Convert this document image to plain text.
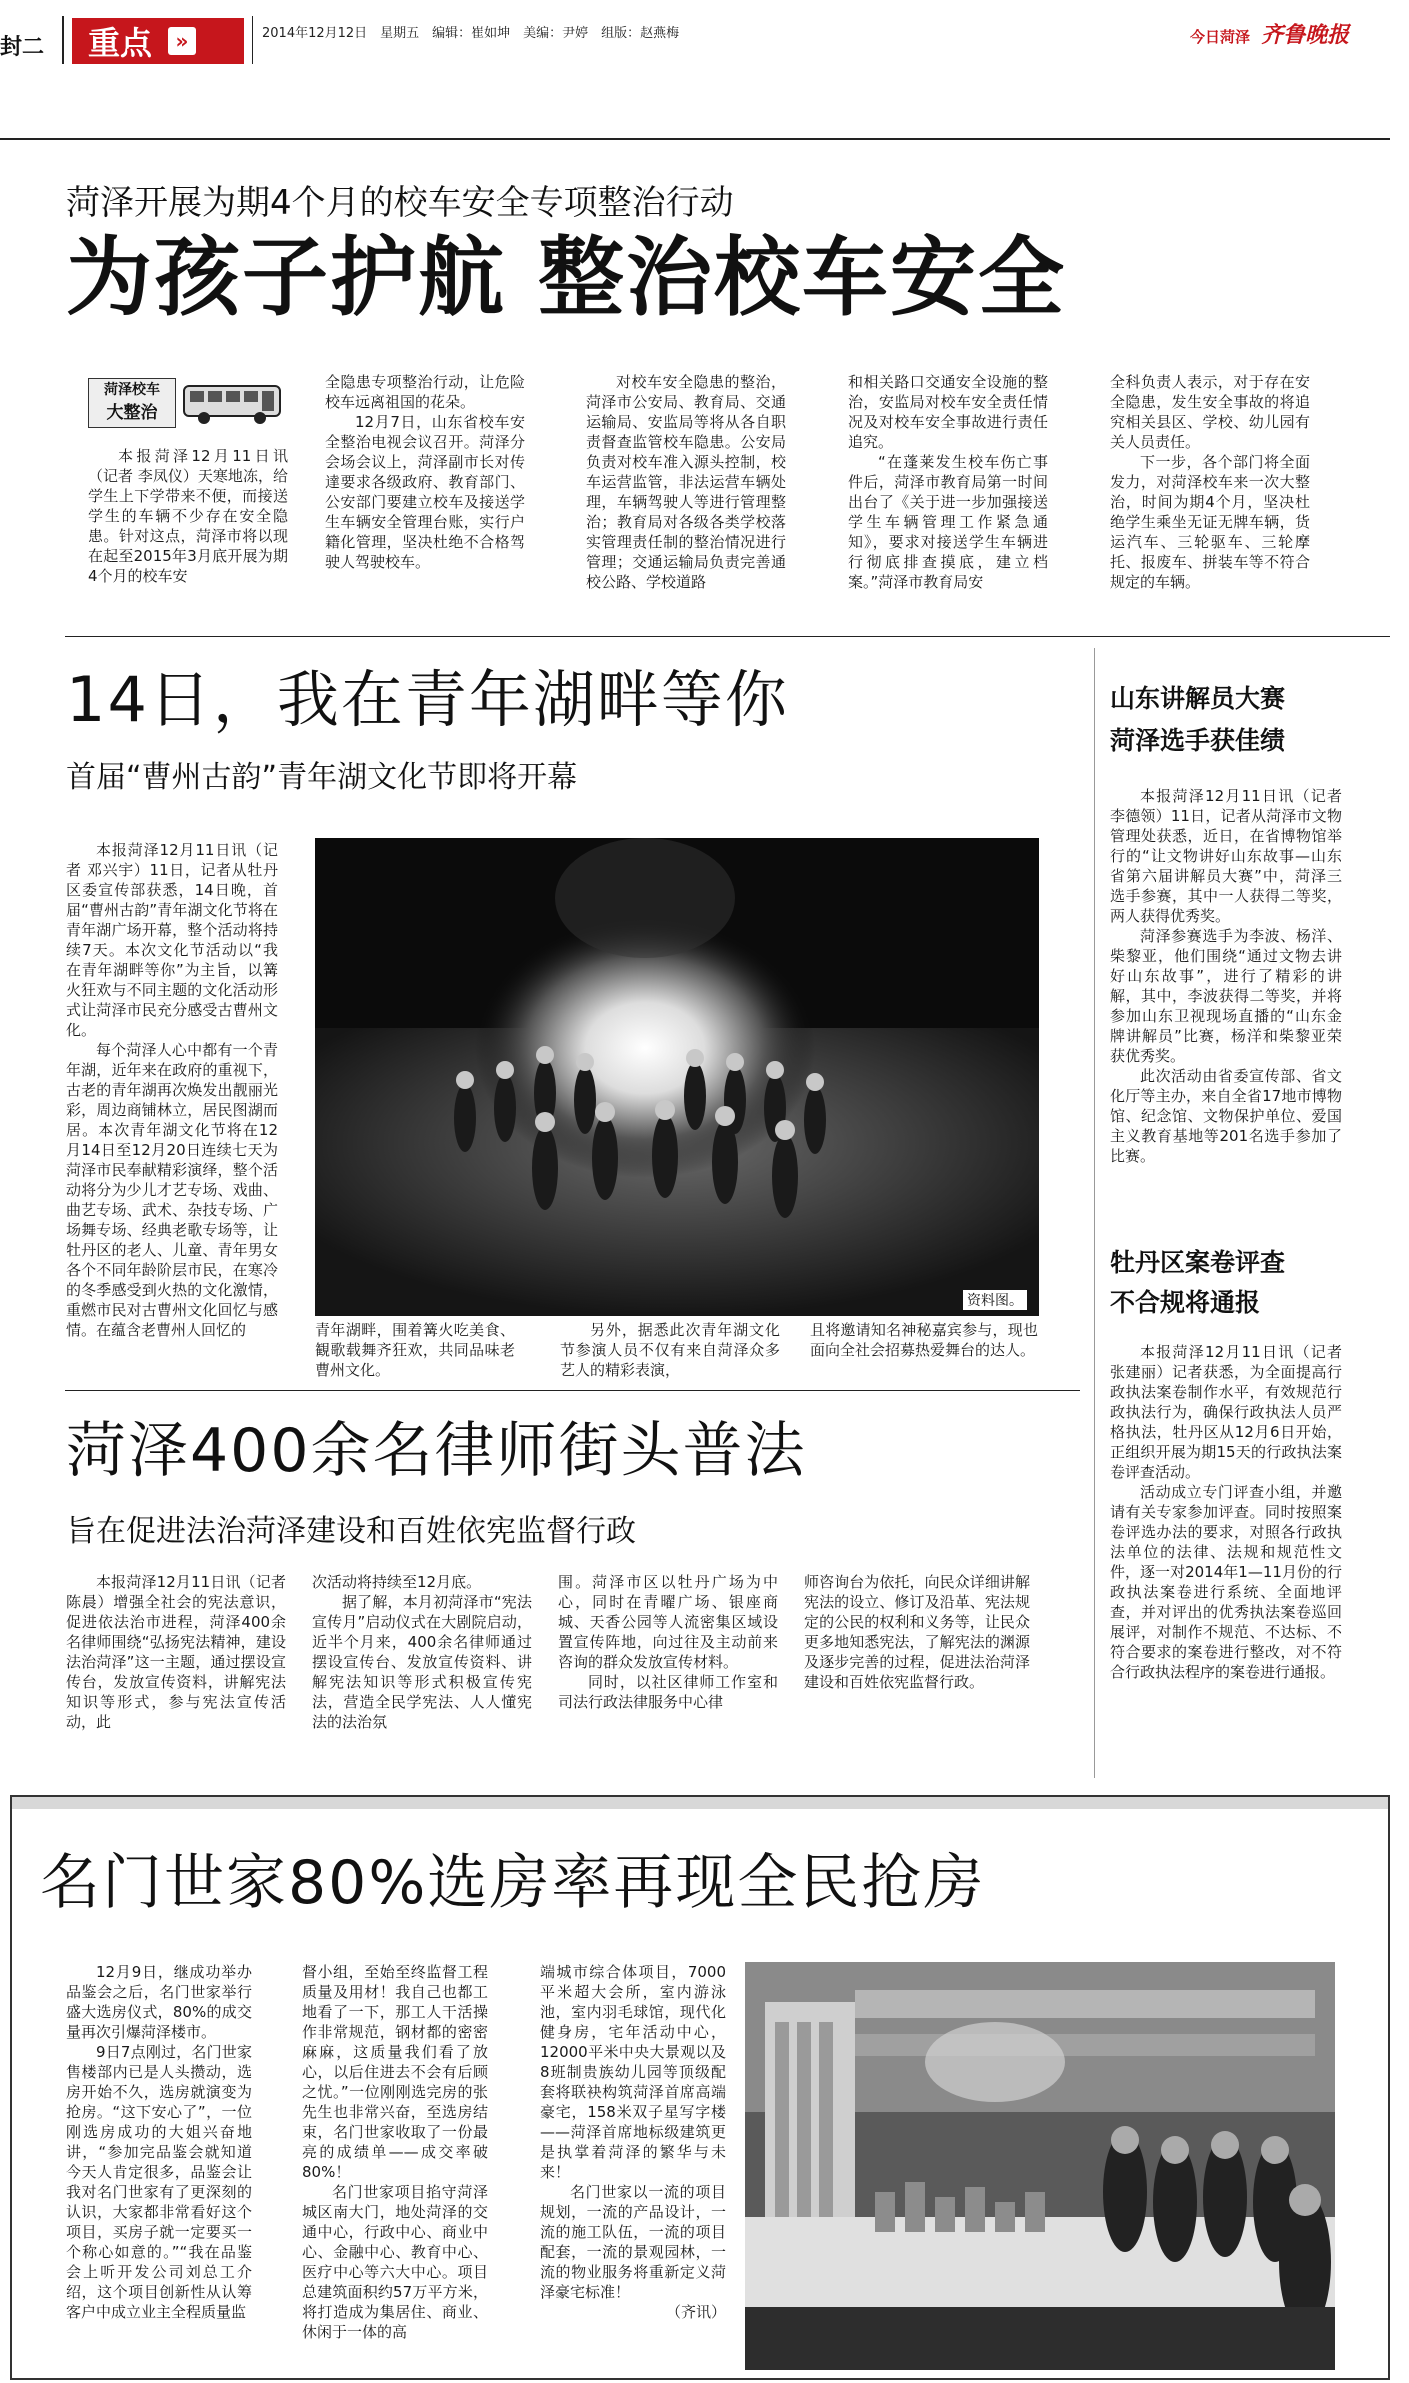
封二 重点	»	2014年12月12日　星期五　编辑：崔如坤　美编：尹婷　组版：赵燕梅	今日菏泽 齐鲁晚报
菏泽开展为期4个月的校车安全专项整治行动
为孩子护航 整治校车安全
菏泽校车
大整治

本报菏泽12月11日讯（记者 李凤仪）天寒地冻，给学生上下学带来不便，而接送学生的车辆不少存在安全隐患。针对这点，菏泽市将以现在起至2015年3月底开展为期4个月的校车安

全隐患专项整治行动，让危险校车远离祖国的花朵。

12月7日，山东省校车安全整治电视会议召开。菏泽分会场会议上，菏泽副市长对传達要求各级政府、教育部门、公安部门要建立校车及接送学生车辆安全管理台账，实行户籍化管理，坚决杜绝不合格驾驶人驾驶校车。

对校车安全隐患的整治，菏泽市公安局、教育局、交通运输局、安监局等将从各自职责督查监管校车隐患。公安局负责对校车准入源头控制，校车运营监管，非法运营车辆处理，车辆驾驶人等进行管理整治；教育局对各级各类学校落实管理责任制的整治情况进行管理；交通运输局负责完善通校公路、学校道路

和相关路口交通安全设施的整治，安监局对校车安全责任情况及对校车安全事故进行责任追究。

“在蓬莱发生校车伤亡事件后，菏泽市教育局第一时间出台了《关于进一步加强接送学生车辆管理工作紧急通知》，要求对接送学生车辆进行彻底排查摸底，建立档案。”菏泽市教育局安

全科负责人表示，对于存在安全隐患，发生安全事故的将追究相关县区、学校、幼儿园有关人员责任。

下一步，各个部门将全面发力，对菏泽校车来一次大整治，时间为期4个月，坚决杜绝学生乘坐无证无牌车辆，货运汽车、三轮驱车、三轮摩托、报废车、拼装车等不符合规定的车辆。

14日，我在青年湖畔等你
首届“曹州古韵”青年湖文化节即将开幕

本报菏泽12月11日讯（记者 邓兴宇）11日，记者从牡丹区委宣传部获悉，14日晚，首届“曹州古韵”青年湖文化节将在青年湖广场开幕，整个活动将持续7天。本次文化节活动以“我在青年湖畔等你”为主旨，以篝火狂欢与不同主题的文化活动形式让菏泽市民充分感受古曹州文化。

每个菏泽人心中都有一个青年湖，近年来在政府的重视下，古老的青年湖再次焕发出靓丽光彩，周边商铺林立，居民图湖而居。本次青年湖文化节将在12月14日至12月20日连续七天为菏泽市民奉献精彩演绎，整个活动将分为少儿才艺专场、戏曲、曲艺专场、武术、杂技专场、广场舞专场、经典老歌专场等，让牡丹区的老人、儿童、青年男女各个不同年龄阶层市民，在寒冷的冬季感受到火热的文化激情，重燃市民对古曹州文化回忆与感情。在蕴含老曹州人回忆的

资料图。

青年湖畔，围着篝火吃美食、観歌载舞齐狂欢，共同品味老曹州文化。

另外，据悉此次青年湖文化节参演人员不仅有来自菏泽众多艺人的精彩表演，

且将邀请知名神秘嘉宾参与，现也面向全社会招募热爱舞台的达人。

山东讲解员大赛
菏泽选手获佳绩

本报菏泽12月11日讯（记者 李德领）11日，记者从菏泽市文物管理处获悉，近日，在省博物馆举行的“让文物讲好山东故事—山东省第六届讲解员大赛”中，菏泽三选手参赛，其中一人获得二等奖，两人获得优秀奖。

菏泽参赛选手为李波、杨洋、柴黎亚，他们围绕“通过文物去讲好山东故事”，进行了精彩的讲解，其中，李波获得二等奖，并将参加山东卫视现场直播的“山东金牌讲解员”比赛，杨洋和柴黎亚荣获优秀奖。

此次活动由省委宣传部、省文化厅等主办，来自全省17地市博物馆、纪念馆、文物保护单位、爱国主义教育基地等201名选手参加了比赛。

牡丹区案卷评查
不合规将通报

本报菏泽12月11日讯（记者 张建丽）记者获悉，为全面提高行政执法案卷制作水平，有效规范行政执法行为，确保行政执法人员严格执法，牡丹区从12月6日开始，正组织开展为期15天的行政执法案卷评查活动。

活动成立专门评查小组，并邀请有关专家参加评查。同时按照案卷评选办法的要求，对照各行政执法单位的法律、法规和规范性文件，逐一对2014年1—11月份的行政执法案卷进行系统、全面地评查，并对评出的优秀执法案卷巡回展评，对制作不规范、不达标、不符合要求的案卷进行整改，对不符合行政执法程序的案卷进行通报。

菏泽400余名律师街头普法
旨在促进法治菏泽建设和百姓依宪监督行政

本报菏泽12月11日讯（记者 陈晨）增强全社会的宪法意识，促进依法治市进程，菏泽400余名律师围绕“弘扬宪法精神，建设法治菏泽”这一主题，通过摆设宣传台，发放宣传资料，讲解宪法知识等形式，参与宪法宣传活动，此

次活动将持续至12月底。

据了解，本月初菏泽市“宪法宣传月”启动仪式在大剧院启动，近半个月来，400余名律师通过摆设宣传台、发放宣传资料、讲解宪法知识等形式积极宣传宪法，营造全民学宪法、人人懂宪法的法治氛

围。菏泽市区以牡丹广场为中心，同时在青曜广场、银座商城、天香公园等人流密集区域设置宣传阵地，向过往及主动前来咨询的群众发放宣传材料。

同时，以社区律师工作室和司法行政法律服务中心律

师咨询台为依托，向民众详细讲解宪法的设立、修订及沿革、宪法规定的公民的权利和义务等，让民众更多地知悉宪法，了解宪法的渊源及逐步完善的过程，促进法治菏泽建设和百姓依宪监督行政。

名门世家80%选房率再现全民抢房

12月9日，继成功举办品鉴会之后，名门世家举行盛大选房仪式，80%的成交量再次引爆菏泽楼市。

9日7点刚过，名门世家售楼部内已是人头攒动，选房开始不久，选房就演变为抢房。“这下安心了”，一位刚选房成功的大姐兴奋地讲，“参加完品鉴会就知道今天人肯定很多，品鉴会让我对名门世家有了更深刻的认识，大家都非常看好这个项目，买房子就一定要买一个称心如意的。”“我在品鉴会上听开发公司刘总工介绍，这个项目创新性从认筹客户中成立业主全程质量监

督小组，至始至终监督工程质量及用材！我自己也都工地看了一下，那工人干活操作非常规范，钢材都的密密麻麻，这质量我们看了放心，以后住进去不会有后顾之忧。”一位刚刚选完房的张先生也非常兴奋，至选房结束，名门世家收取了一份最亮的成绩单——成交率破80%！

名门世家项目掐守菏泽城区南大门，地处菏泽的交通中心，行政中心、商业中心、金融中心、教育中心、医疗中心等六大中心。项目总建筑面积约57万平方米，将打造成为集居住、商业、休闲于一体的高

端城市综合体项目，7000平米超大会所，室内游泳池，室内羽毛球馆，现代化健身房，宅年活动中心，12000平米中央大景观以及8班制贵族幼儿园等顶级配套将联袂构筑菏泽首席高端豪宅，158米双子星写字楼——菏泽首席地标级建筑更是执掌着菏泽的繁华与未来！

名门世家以一流的项目规划，一流的产品设计，一流的施工队伍，一流的项目配套，一流的景观园林，一流的物业服务将重新定义菏泽豪宅标准！

（齐讯）
